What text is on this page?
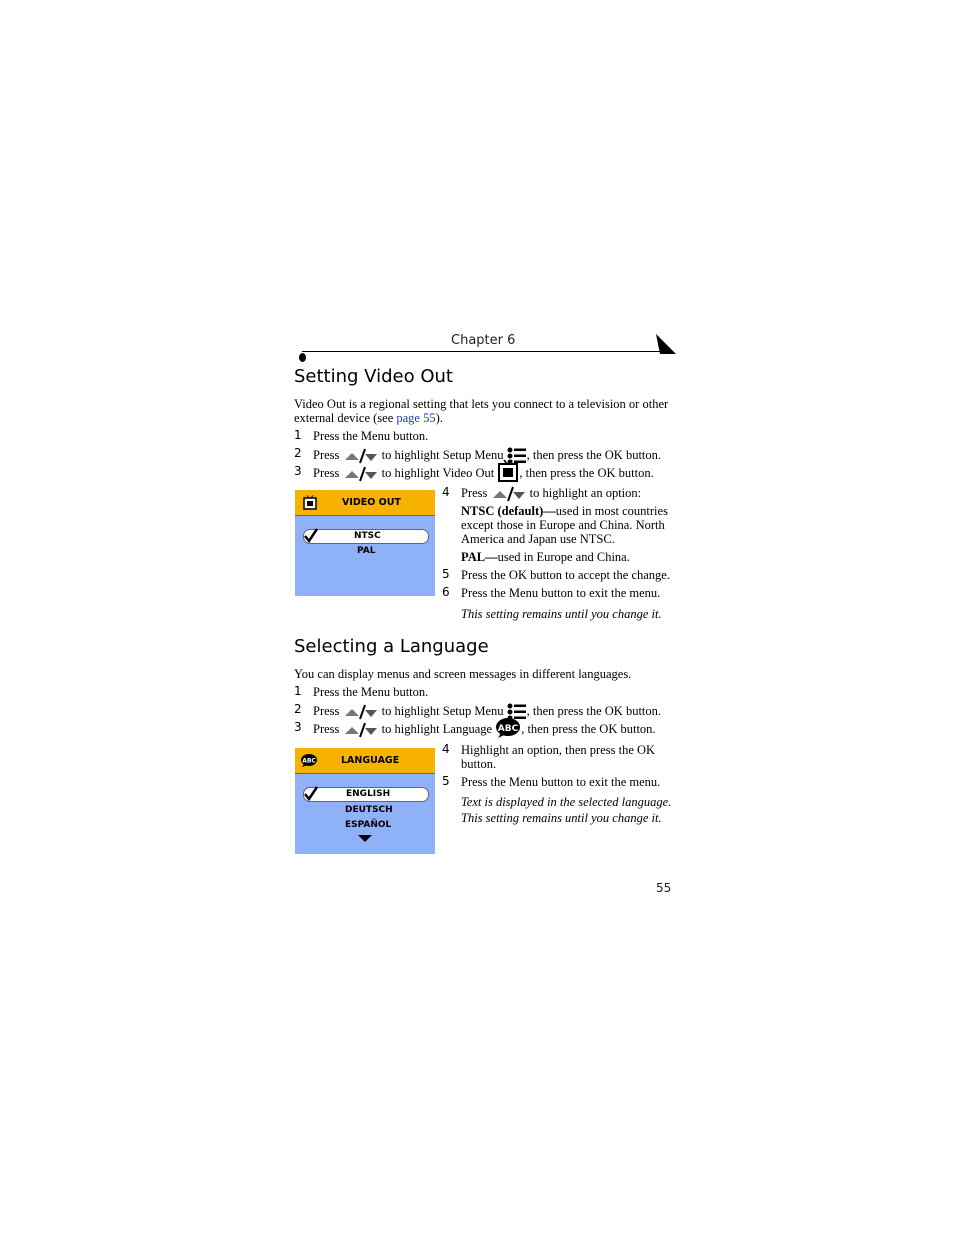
Chapter 6
Setting Video Out
Video Out is a regional setting that lets you connect to a television or other
external device (see page 55).
1 Press the Menu button.
2 Press	to highlight Setup Menu , then press the OK button.
3 Press	to highlight Video Out , then press the OK button.
VIDEO OUT
NTSC
PAL
4 Press	to highlight an option:
NTSC (default)—used in most countries
except those in Europe and China. North
America and Japan use NTSC.
PAL—used in Europe and China.
5 Press the OK button to accept the change.
6 Press the Menu button to exit the menu.
This setting remains until you change it.
Selecting a Language
You can display menus and screen messages in different languages.
1 Press the Menu button.
2 Press	to highlight Setup Menu , then press the OK button.
3 Press	to highlight Language ABC , then press the OK button.
ABC	LANGUAGE
ENGLISH
DEUTSCH
ESPAÑOL
4 Highlight an option, then press the OK
button.
5 Press the Menu button to exit the menu.
Text is displayed in the selected language.
This setting remains until you change it.
55
